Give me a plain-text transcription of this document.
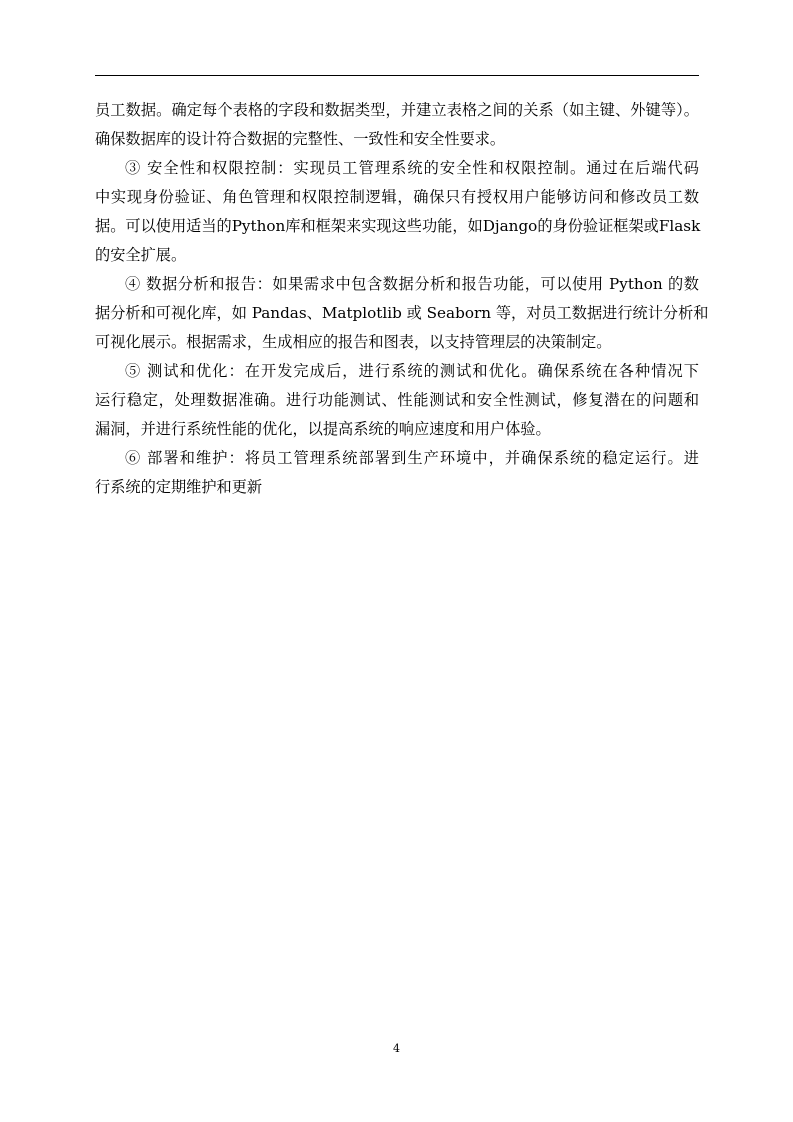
员工数据。确定每个表格的字段和数据类型，并建立表格之间的关系（如主键、外键等）。
确保数据库的设计符合数据的完整性、一致性和安全性要求。
③ 安全性和权限控制：实现员工管理系统的安全性和权限控制。通过在后端代码
中实现身份验证、角色管理和权限控制逻辑，确保只有授权用户能够访问和修改员工数
据。可以使用适当的Python库和框架来实现这些功能，如Django的身份验证框架或Flask
的安全扩展。
④ 数据分析和报告：如果需求中包含数据分析和报告功能，可以使用 Python 的数
据分析和可视化库，如 Pandas、Matplotlib 或 Seaborn 等，对员工数据进行统计分析和
可视化展示。根据需求，生成相应的报告和图表，以支持管理层的决策制定。
⑤ 测试和优化：在开发完成后，进行系统的测试和优化。确保系统在各种情况下
运行稳定，处理数据准确。进行功能测试、性能测试和安全性测试，修复潜在的问题和
漏洞，并进行系统性能的优化，以提高系统的响应速度和用户体验。
⑥ 部署和维护：将员工管理系统部署到生产环境中，并确保系统的稳定运行。进
行系统的定期维护和更新
4
